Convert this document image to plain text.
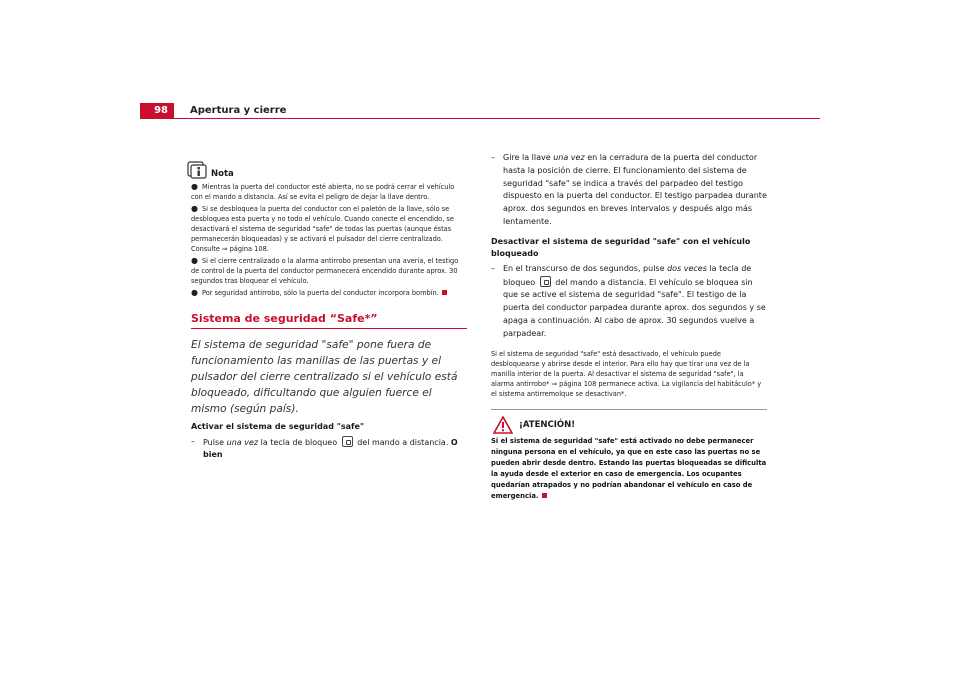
98	Apertura y cierre
Nota

● Mientras la puerta del conductor esté abierta, no se podrá cerrar el vehículo con el mando a distancia. Así se evita el peligro de dejar la llave dentro.

● Si se desbloquea la puerta del conductor con el paletón de la llave, sólo se desbloquea esta puerta y no todo el vehículo. Cuando conecte el encendido, se desactivará el sistema de seguridad "safe" de todas las puertas (aunque éstas permanecerán bloqueadas) y se activará el pulsador del cierre centralizado. Consulte ⇒ página 108.

● Si el cierre centralizado o la alarma antirrobo presentan una avería, el testigo de control de la puerta del conductor permanecerá encendido durante aprox. 30 segundos tras bloquear el vehículo.

● Por seguridad antirrobo, sólo la puerta del conductor incorpora bombín.

Sistema de seguridad “Safe*”

El sistema de seguridad "safe" pone fuera de funcionamiento las manillas de las puertas y el pulsador del cierre centralizado si el vehículo está bloqueado, dificultando que alguien fuerce el mismo (según país).

Activar el sistema de seguridad "safe"

–	Pulse una vez la tecla de bloqueo	del mando a distancia. O bien
–	Gire la llave una vez en la cerradura de la puerta del conductor hasta la posición de cierre. El funcionamiento del sistema de seguridad "safe" se indica a través del parpadeo del testigo dispuesto en la puerta del conductor. El testigo parpadea durante aprox. dos segundos en breves intervalos y después algo más lentamente.

Desactivar el sistema de seguridad "safe" con el vehículo bloqueado

–	En el transcurso de dos segundos, pulse dos veces la tecla de bloqueo	del mando a distancia. El vehículo se bloquea sin que se active el sistema de seguridad "safe". El testigo de la puerta del conductor parpadea durante aprox. dos segundos y se apaga a continuación. Al cabo de aprox. 30 segundos vuelve a parpadear.

Si el sistema de seguridad "safe" está desactivado, el vehículo puede desbloquearse y abrirse desde el interior. Para ello hay que tirar una vez de la manilla interior de la puerta. Al desactivar el sistema de seguridad "safe", la alarma antirrobo* ⇒ página 108 permanece activa. La vigilancia del habitáculo* y el sistema antirremolque se desactivan*.

¡ATENCIÓN!

Si el sistema de seguridad "safe" está activado no debe permanecer ninguna persona en el vehículo, ya que en este caso las puertas no se pueden abrir desde dentro. Estando las puertas bloqueadas se dificulta la ayuda desde el exterior en caso de emergencia. Los ocupantes quedarían atrapados y no podrían abandonar el vehículo en caso de emergencia.
